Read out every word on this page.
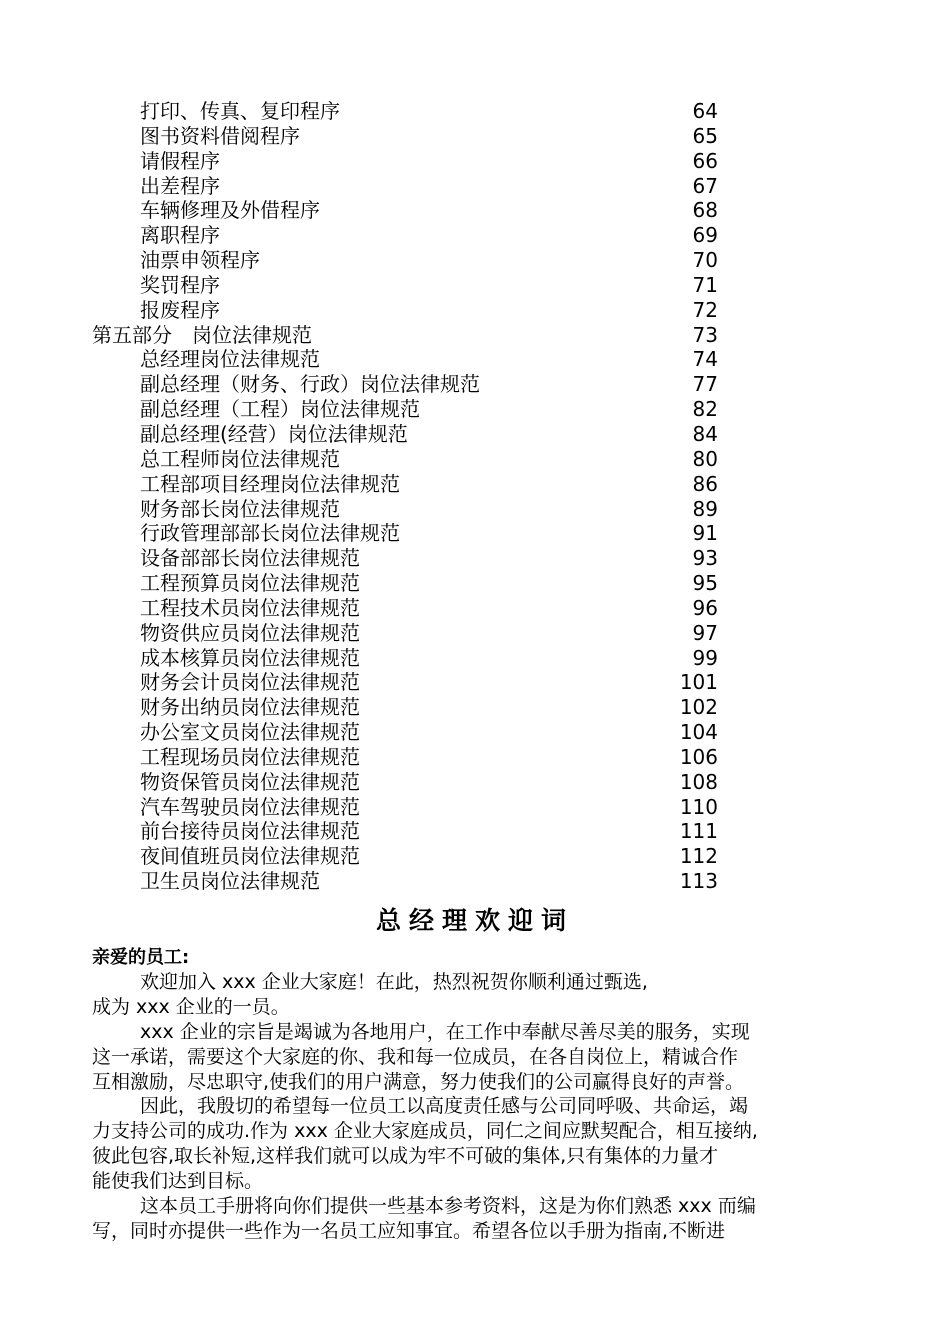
打印、传真、复印程序	64
图书资料借阅程序	65
请假程序	66
出差程序	67
车辆修理及外借程序	68
离职程序	69
油票申领程序	70
奖罚程序	71
报废程序	72
第五部分　岗位法律规范	73
总经理岗位法律规范	74
副总经理（财务、行政）岗位法律规范	77
副总经理（工程）岗位法律规范	82
副总经理(经营）岗位法律规范	84
总工程师岗位法律规范	80
工程部项目经理岗位法律规范	86
财务部长岗位法律规范	89
行政管理部部长岗位法律规范	91
设备部部长岗位法律规范	93
工程预算员岗位法律规范	95
工程技术员岗位法律规范	96
物资供应员岗位法律规范	97
成本核算员岗位法律规范	99
财务会计员岗位法律规范	101
财务出纳员岗位法律规范	102
办公室文员岗位法律规范	104
工程现场员岗位法律规范	106
物资保管员岗位法律规范	108
汽车驾驶员岗位法律规范	110
前台接待员岗位法律规范	111
夜间值班员岗位法律规范	112
卫生员岗位法律规范	113
总经理欢迎词
亲爱的员工:
欢迎加入 xxx 企业大家庭！在此，热烈祝贺你顺利通过甄选,
成为 xxx 企业的一员。
xxx 企业的宗旨是竭诚为各地用户，在工作中奉献尽善尽美的服务，实现
这一承诺，需要这个大家庭的你、我和每一位成员，在各自岗位上，精诚合作
互相激励，尽忠职守,使我们的用户满意，努力使我们的公司赢得良好的声誉。
因此，我殷切的希望每一位员工以高度责任感与公司同呼吸、共命运，竭
力支持公司的成功.作为 xxx 企业大家庭成员，同仁之间应默契配合，相互接纳,
彼此包容,取长补短,这样我们就可以成为牢不可破的集体,只有集体的力量才
能使我们达到目标。
这本员工手册将向你们提供一些基本参考资料，这是为你们熟悉 xxx 而编
写，同时亦提供一些作为一名员工应知事宜。希望各位以手册为指南,不断进
